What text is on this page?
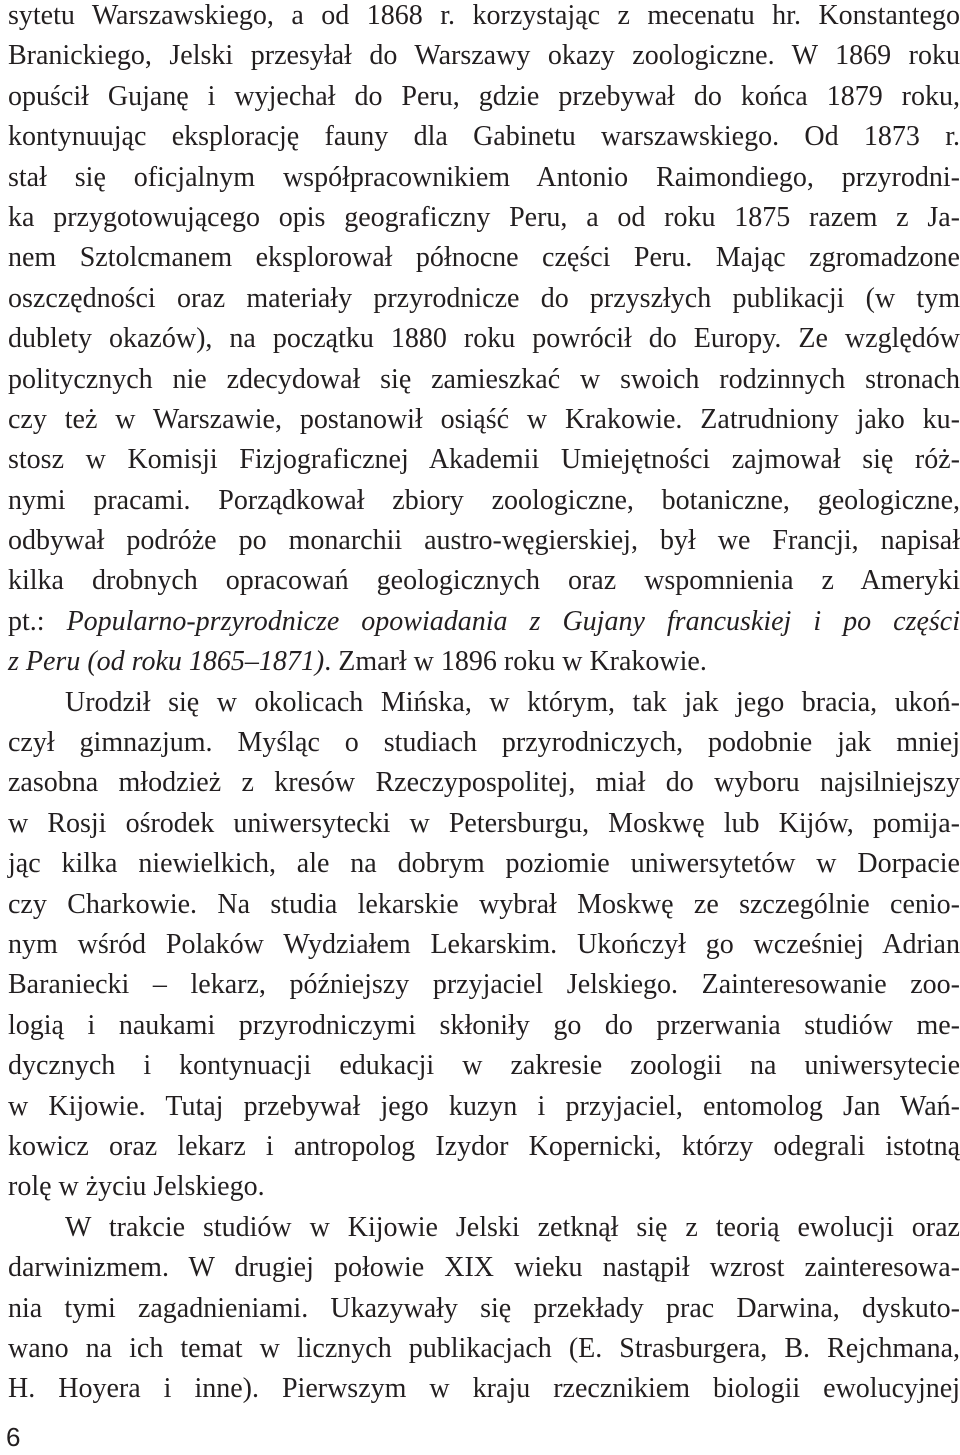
sytetu Warszawskiego, a od 1868 r. korzystając z mecenatu hr. Konstantego
Branickiego, Jelski przesyłał do Warszawy okazy zoologiczne. W 1869 roku
opuścił Gujanę i wyjechał do Peru, gdzie przebywał do końca 1879 roku,
kontynuując eksplorację fauny dla Gabinetu warszawskiego. Od 1873 r.
stał się oficjalnym współpracownikiem Antonio Raimondiego, przyrodni-
ka przygotowującego opis geograficzny Peru, a od roku 1875 razem z Ja-
nem Sztolcmanem eksplorował północne części Peru. Mając zgromadzone
oszczędności oraz materiały przyrodnicze do przyszłych publikacji (w tym
dublety okazów), na początku 1880 roku powrócił do Europy. Ze względów
politycznych nie zdecydował się zamieszkać w swoich rodzinnych stronach
czy też w Warszawie, postanowił osiąść w Krakowie. Zatrudniony jako ku-
stosz w Komisji Fizjograficznej Akademii Umiejętności zajmował się róż-
nymi pracami. Porządkował zbiory zoologiczne, botaniczne, geologiczne,
odbywał podróże po monarchii austro-węgierskiej, był we Francji, napisał
kilka drobnych opracowań geologicznych oraz wspomnienia z Ameryki
pt.: Popularno-przyrodnicze opowiadania z Gujany francuskiej i po części
z Peru (od roku 1865–1871). Zmarł w 1896 roku w Krakowie.
Urodził się w okolicach Mińska, w którym, tak jak jego bracia, ukoń-
czył gimnazjum. Myśląc o studiach przyrodniczych, podobnie jak mniej
zasobna młodzież z kresów Rzeczypospolitej, miał do wyboru najsilniejszy
w Rosji ośrodek uniwersytecki w Petersburgu, Moskwę lub Kijów, pomija-
jąc kilka niewielkich, ale na dobrym poziomie uniwersytetów w Dorpacie
czy Charkowie. Na studia lekarskie wybrał Moskwę ze szczególnie ceniο-
nym wśród Polaków Wydziałem Lekarskim. Ukończył go wcześniej Adrian
Baraniecki – lekarz, późniejszy przyjaciel Jelskiego. Zainteresowanie zoo-
logią i naukami przyrodniczymi skłoniły go do przerwania studiów me-
dycznych i kontynuacji edukacji w zakresie zoologii na uniwersytecie
w Kijowie. Tutaj przebywał jego kuzyn i przyjaciel, entomolog Jan Wań-
kowicz oraz lekarz i antropolog Izydor Kopernicki, którzy odegrali istotną
rolę w życiu Jelskiego.
W trakcie studiów w Kijowie Jelski zetknął się z teorią ewolucji oraz
darwinizmem. W drugiej połowie XIX wieku nastąpił wzrost zainteresowa-
nia tymi zagadnieniami. Ukazywały się przekłady prac Darwina, dyskuto-
wano na ich temat w licznych publikacjach (E. Strasburgera, B. Rejchmana,
H. Hoyera i inne). Pierwszym w kraju rzecznikiem biologii ewolucyjnej
6
